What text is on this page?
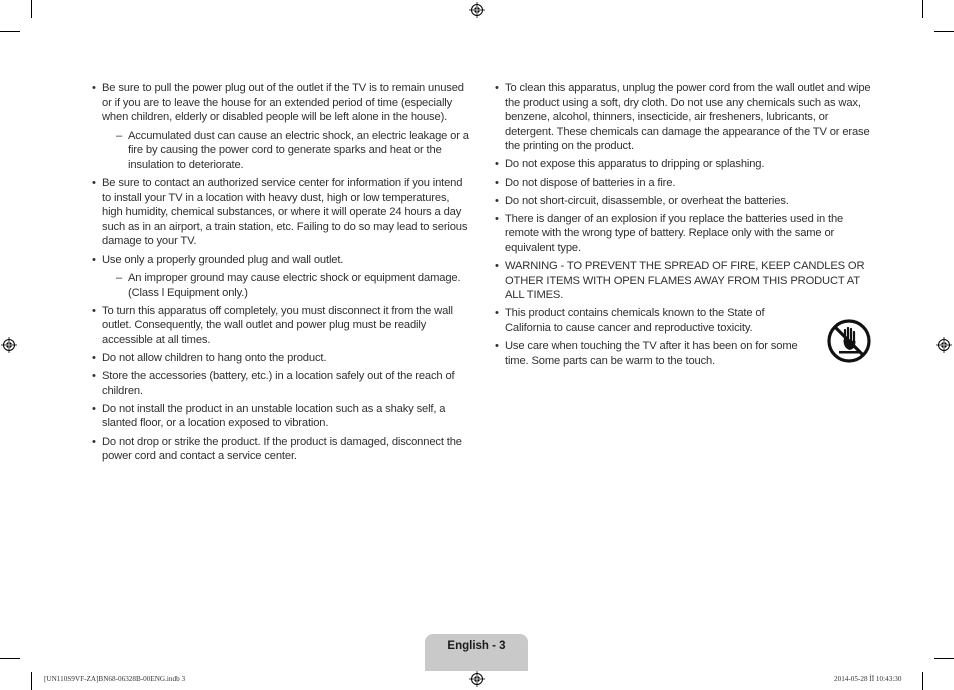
• Be sure to pull the power plug out of the outlet if the TV is to remain unused or if you are to leave the house for an extended period of time (especially when children, elderly or disabled people will be left alone in the house).
– Accumulated dust can cause an electric shock, an electric leakage or a fire by causing the power cord to generate sparks and heat or the insulation to deteriorate.
• Be sure to contact an authorized service center for information if you intend to install your TV in a location with heavy dust, high or low temperatures, high humidity, chemical substances, or where it will operate 24 hours a day such as in an airport, a train station, etc. Failing to do so may lead to serious damage to your TV.
• Use only a properly grounded plug and wall outlet.
– An improper ground may cause electric shock or equipment damage. (Class l Equipment only.)
• To turn this apparatus off completely, you must disconnect it from the wall outlet. Consequently, the wall outlet and power plug must be readily accessible at all times.
• Do not allow children to hang onto the product.
• Store the accessories (battery, etc.) in a location safely out of the reach of children.
• Do not install the product in an unstable location such as a shaky self, a slanted floor, or a location exposed to vibration.
• Do not drop or strike the product. If the product is damaged, disconnect the power cord and contact a service center.
• To clean this apparatus, unplug the power cord from the wall outlet and wipe the product using a soft, dry cloth. Do not use any chemicals such as wax, benzene, alcohol, thinners, insecticide, air fresheners, lubricants, or detergent. These chemicals can damage the appearance of the TV or erase the printing on the product.
• Do not expose this apparatus to dripping or splashing.
• Do not dispose of batteries in a fire.
• Do not short-circuit, disassemble, or overheat the batteries.
• There is danger of an explosion if you replace the batteries used in the remote with the wrong type of battery. Replace only with the same or equivalent type.
• WARNING - TO PREVENT THE SPREAD OF FIRE, KEEP CANDLES OR OTHER ITEMS WITH OPEN FLAMES AWAY FROM THIS PRODUCT AT ALL TIMES.
• This product contains chemicals known to the State of California to cause cancer and reproductive toxicity.
• Use care when touching the TV after it has been on for some time. Some parts can be warm to the touch.
English - 3
[UN110S9VF-ZA]BN68-06328B-00ENG.indb 3	2014-05-28 ÌÏ 10:43:30
